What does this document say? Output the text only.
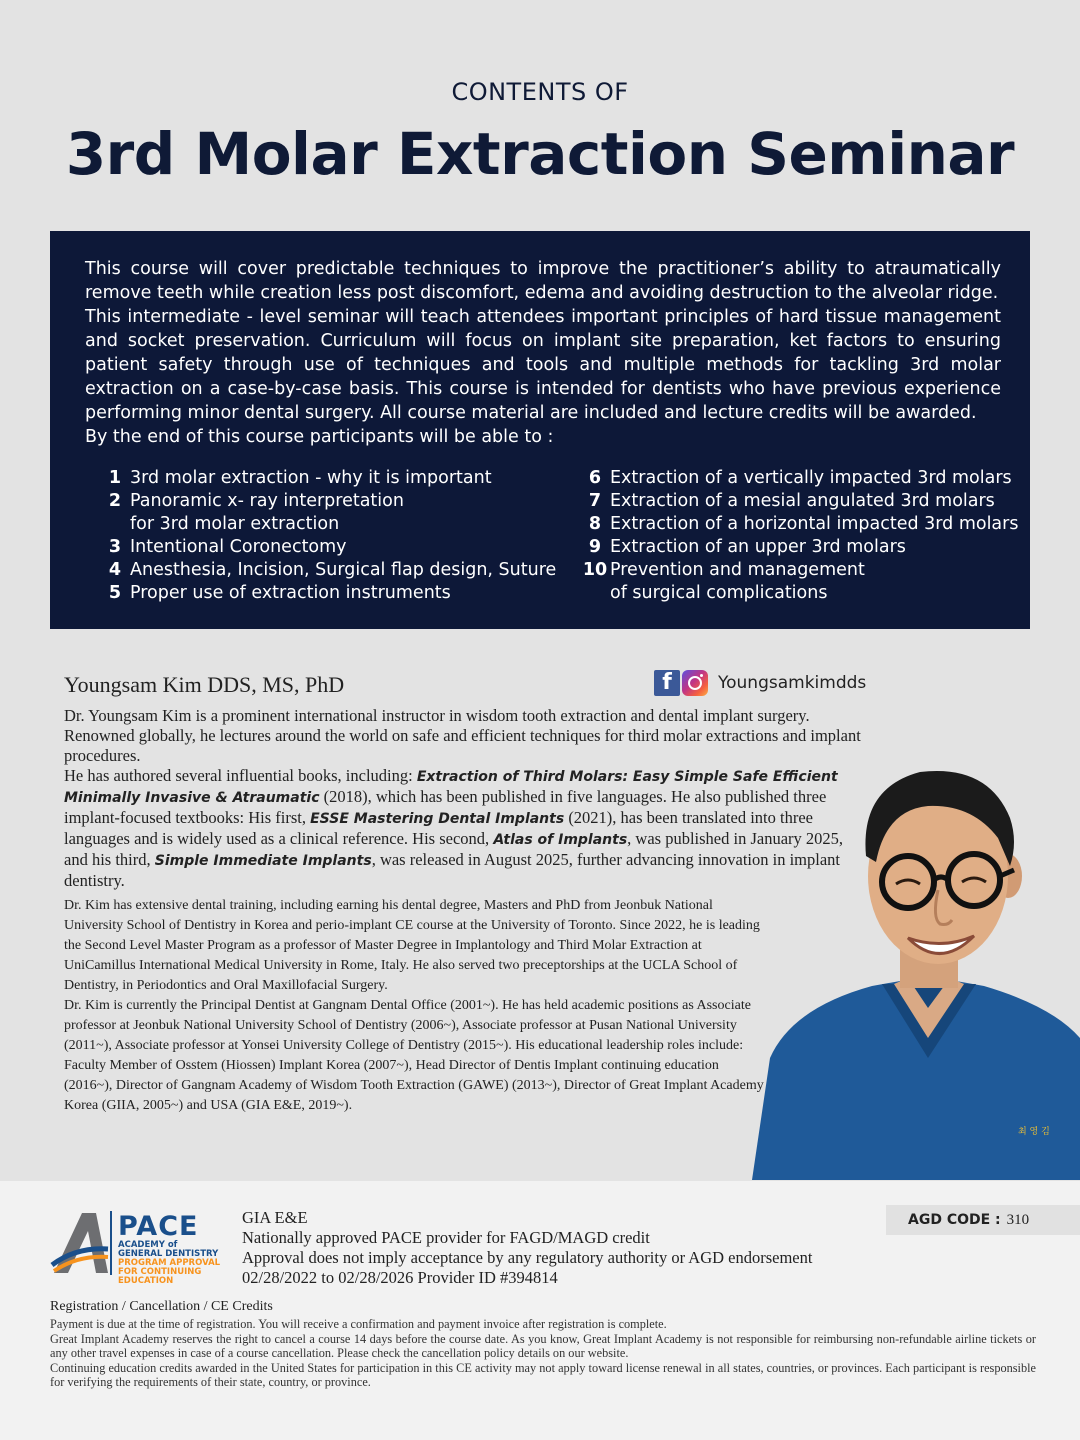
CONTENTS OF
3rd Molar Extraction Seminar

This course will cover predictable techniques to improve the practitioner’s ability to atraumatically remove teeth while creation less post discomfort, edema and avoiding destruction to the alveolar ridge.

This intermediate - level seminar will teach attendees important principles of hard tissue management and socket preservation. Curriculum will focus on implant site preparation, ket factors to ensuring patient safety through use of techniques and tools and multiple methods for tackling 3rd molar extraction on a case-by-case basis. This course is intended for dentists who have previous experience performing minor dental surgery. All course material are included and lecture credits will be awarded.

By the end of this course participants will be able to :

1 3rd molar extraction - why it is important
2 Panoramic x- ray interpretation
for 3rd molar extraction
3 Intentional Coronectomy
4 Anesthesia, Incision, Surgical flap design, Suture
5 Proper use of extraction instruments
6 Extraction of a vertically impacted 3rd molars
7 Extraction of a mesial angulated 3rd molars
8 Extraction of a horizontal impacted 3rd molars
9 Extraction of an upper 3rd molars
10 Prevention and management
of surgical complications
Youngsam Kim DDS, MS, PhD	f	Youngsamkimdds

Dr. Youngsam Kim is a prominent international instructor in wisdom tooth extraction and dental implant surgery. Renowned globally, he lectures around the world on safe and efficient techniques for third molar extractions and implant procedures.

He has authored several influential books, including: Extraction of Third Molars: Easy Simple Safe Efficient Minimally Invasive & Atraumatic (2018), which has been published in five languages. He also published three implant-focused textbooks: His first, ESSE Mastering Dental Implants (2021), has been translated into three languages and is widely used as a clinical reference. His second, Atlas of Implants, was published in January 2025, and his third, Simple Immediate Implants, was released in August 2025, further advancing innovation in implant dentistry.

Dr. Kim has extensive dental training, including earning his dental degree, Masters and PhD from Jeonbuk National University School of Dentistry in Korea and perio-implant CE course at the University of Toronto. Since 2022, he is leading the Second Level Master Program as a professor of Master Degree in Implantology and Third Molar Extraction at UniCamillus International Medical University in Rome, Italy. He also served two preceptorships at the UCLA School of Dentistry, in Periodontics and Oral Maxillofacial Surgery.

Dr. Kim is currently the Principal Dentist at Gangnam Dental Office (2001~). He has held academic positions as Associate professor at Jeonbuk National University School of Dentistry (2006~), Associate professor at Pusan National University (2011~), Associate professor at Yonsei University College of Dentistry (2015~). His educational leadership roles include: Faculty Member of Osstem (Hiossen) Implant Korea (2007~), Head Director of Dentis Implant continuing education (2016~), Director of Gangnam Academy of Wisdom Tooth Extraction (GAWE) (2013~), Director of Great Implant Academy Korea (GIIA, 2005~) and USA (GIA E&E, 2019~).

최 영 김
PACE
ACADEMY of
GENERAL DENTISTRY
PROGRAM APPROVAL
FOR CONTINUING
EDUCATION

GIA E&E

Nationally approved PACE provider for FAGD/MAGD credit

Approval does not imply acceptance by any regulatory authority or AGD endorsement

02/28/2022 to 02/28/2026 Provider ID #394814

AGD CODE : 310
Registration / Cancellation / CE Credits

Payment is due at the time of registration. You will receive a confirmation and payment invoice after registration is complete.

Great Implant Academy reserves the right to cancel a course 14 days before the course date. As you know, Great Implant Academy is not responsible for reimbursing non-refundable airline tickets or any other travel expenses in case of a course cancellation. Please check the cancellation policy details on our website.

Continuing education credits awarded in the United States for participation in this CE activity may not apply toward license renewal in all states, countries, or provinces. Each participant is responsible for verifying the requirements of their state, country, or province.
